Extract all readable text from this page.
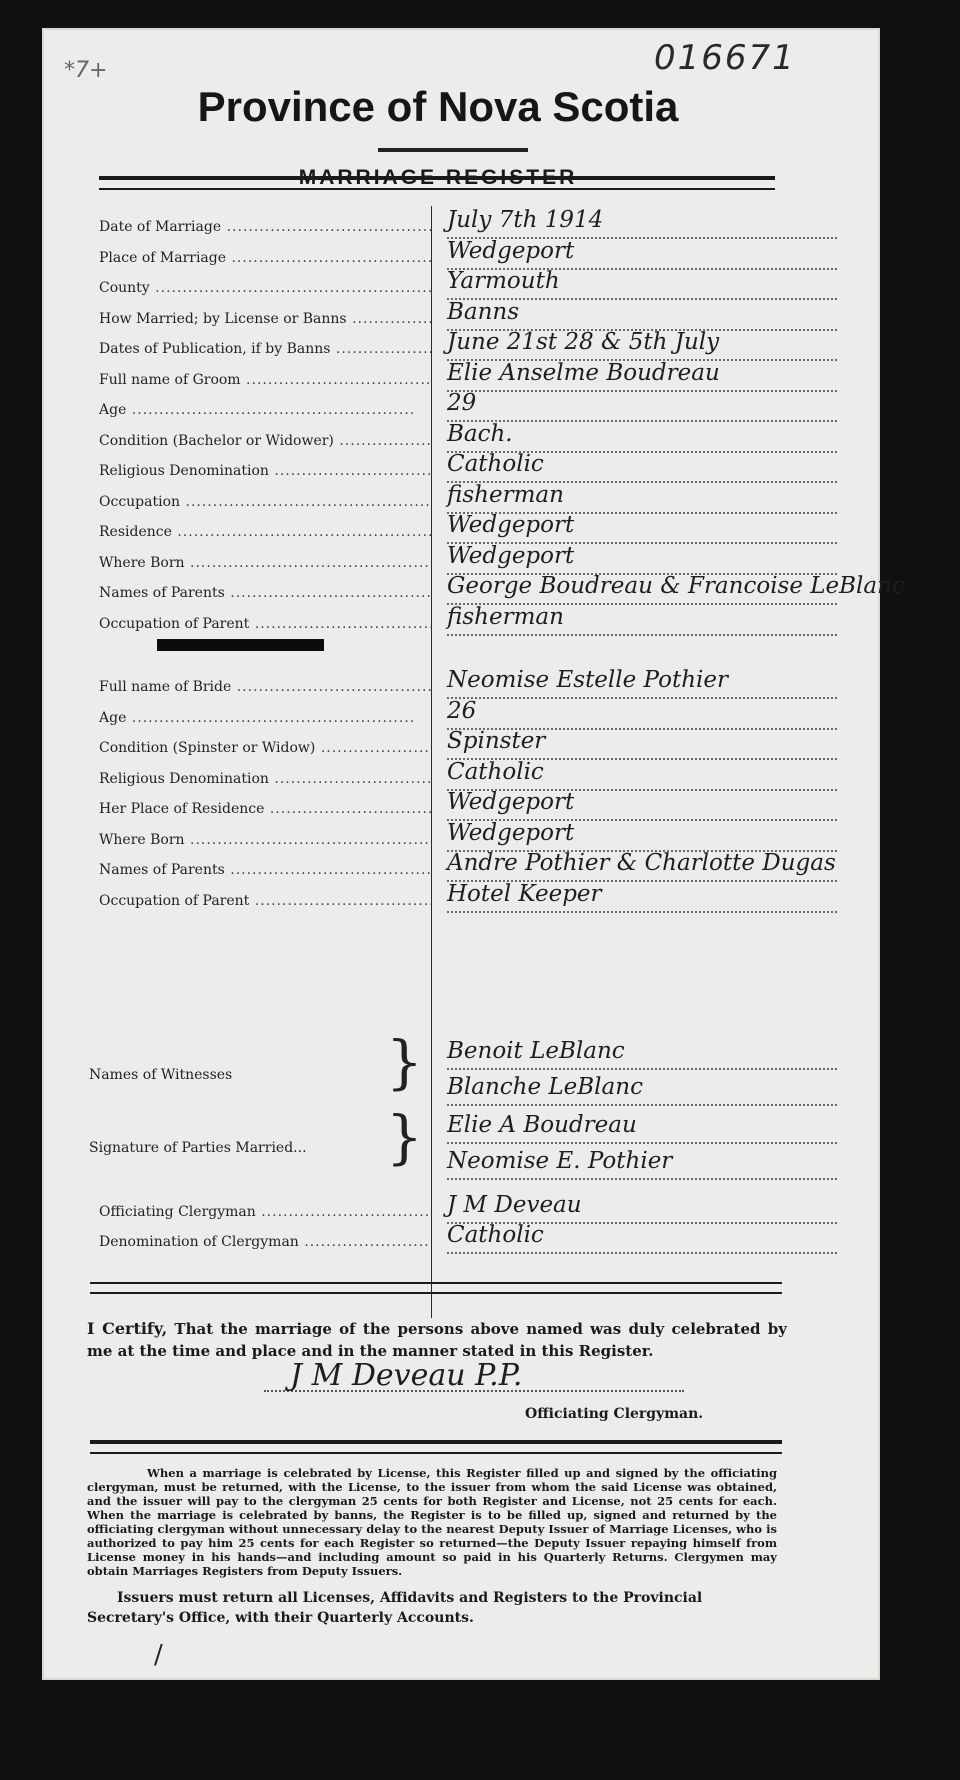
*7+	016671
Province of Nova Scotia
MARRIAGE REGISTER
Date of Marriage .....	July 7th 1914
Place of Marriage .....	Wedgeport
County .....	Yarmouth
How Married; by License or Banns .....	Banns
Dates of Publication, if by Banns .....	June 21st 28 & 5th July
Full name of Groom .....	Elie Anselme Boudreau
Age .....	29
Condition (Bachelor or Widower) .....	Bach.
Religious Denomination .....	Catholic
Occupation .....	fisherman
Residence .....	Wedgeport
Where Born .....	Wedgeport
Names of Parents .....	George Boudreau & Francoise LeBlanc
Occupation of Parent .....	fisherman
Full name of Bride .....	Neomise Estelle Pothier
Age .....	26
Condition (Spinster or Widow) .....	Spinster
Religious Denomination .....	Catholic
Her Place of Residence .....	Wedgeport
Where Born .....	Wedgeport
Names of Parents .....	Andre Pothier & Charlotte Dugas
Occupation of Parent .....	Hotel Keeper
Names of Witnesses	} Benoit LeBlanc
Blanche LeBlanc
Signature of Parties Married... } Elie A Boudreau
Neomise E. Pothier
Officiating Clergyman .....	J M Deveau
Denomination of Clergyman .....	Catholic
I Certify, That the marriage of the persons above named was duly celebrated by me at the time and place and in the manner stated in this Register.
J M Deveau P.P.
Officiating Clergyman.
When a marriage is celebrated by License, this Register filled up and signed by the officiating clergyman, must be returned, with the License, to the issuer from whom the said License was obtained, and the issuer will pay to the clergyman 25 cents for both Register and License, not 25 cents for each. When the marriage is celebrated by banns, the Register is to be filled up, signed and returned by the officiating clergyman without unnecessary delay to the nearest Deputy Issuer of Marriage Licenses, who is authorized to pay him 25 cents for each Register so returned—the Deputy Issuer repaying himself from License money in his hands—and including amount so paid in his Quarterly Returns. Clergymen may obtain Marriages Registers from Deputy Issuers.
Issuers must return all Licenses, Affidavits and Registers to the Provincial Secretary's Office, with their Quarterly Accounts.
/
